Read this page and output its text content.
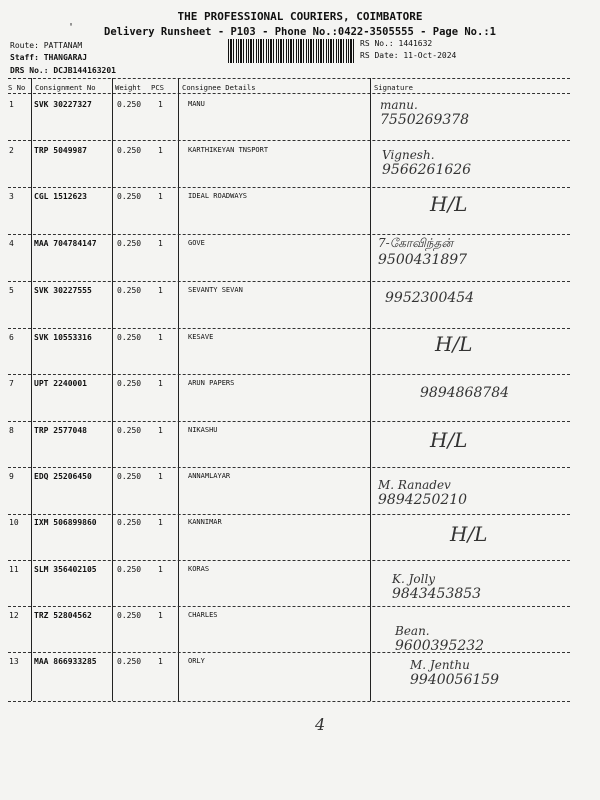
'
THE PROFESSIONAL COURIERS, COIMBATORE
Delivery Runsheet - P103 - Phone No.:0422-3505555 - Page No.:1
Route: PATTANAM
Staff: THANGARAJ
DRS No.: DCJB144163201
RS No.: 1441632
RS Date: 11-Oct-2024
S No Consignment No	Weight PCS	Consignee Details	Signature
1	SVK 30227327	0.250 1	MANU	manu.
7550269378
2	TRP 5049987	0.250 1	KARTHIKEYAN TNSPORT	Vignesh.
9566261626
3	CGL 1512623	0.250 1	IDEAL ROADWAYS	H/L
4	MAA 704784147	0.250 1	GOVE	7-கோவிந்தன்
9500431897
5	SVK 30227555	0.250 1	SEVANTY SEVAN	9952300454
6	SVK 10553316	0.250 1	KESAVE	H/L
7	UPT 2240001	0.250 1	ARUN PAPERS
9894868784
8	TRP 2577048	0.250 1	NIKASHU	H/L
9	EDQ 25206450	0.250 1	ANNAMLAYAR
M. Ranadev
9894250210
10 IXM 506899860	0.250 1	KANNIMAR	H/L
11 SLM 356402105	0.250 1	KORAS
K. Jolly
9843453853
12 TRZ 52804562	0.250 1	CHARLES
Bean.
9600395232
13 MAA 866933285	0.250 1	ORLY	M. Jenthu
9940056159
4
